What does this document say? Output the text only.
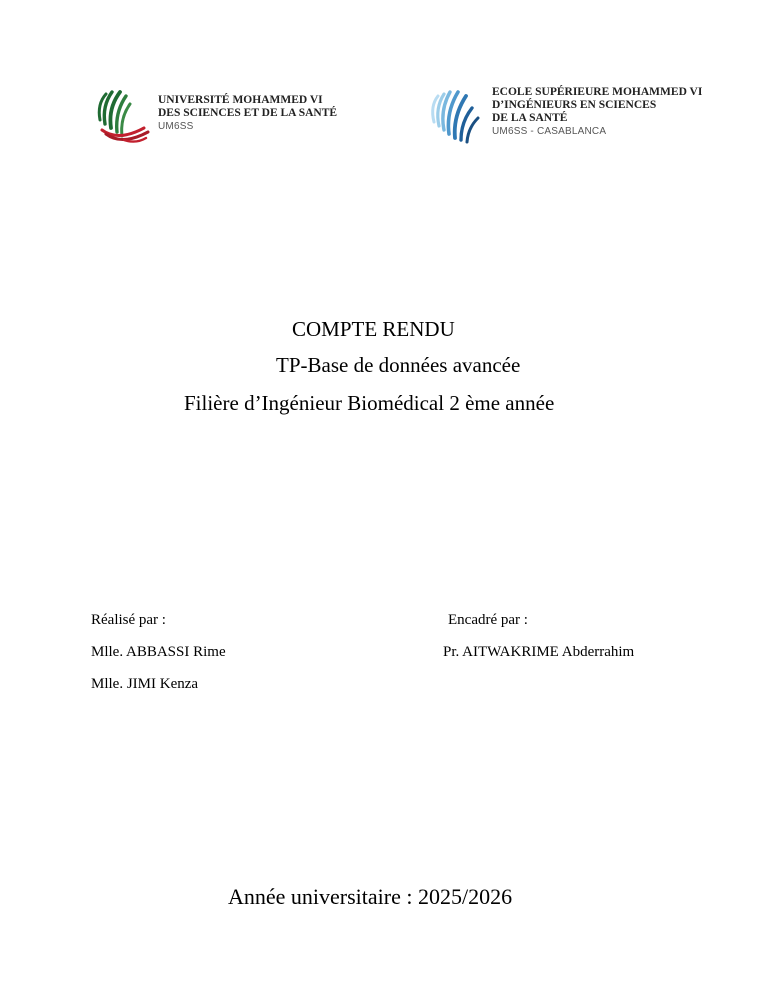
UNIVERSITÉ MOHAMMED VI
DES SCIENCES ET DE LA SANTÉ
UM6SS
ECOLE SUPÉRIEURE MOHAMMED VI
D’INGÉNIEURS EN SCIENCES
DE LA SANTÉ
UM6SS - CASABLANCA
COMPTE RENDU
TP-Base de données avancée
Filière d’Ingénieur Biomédical 2 ème année
Réalisé par :
Mlle. ABBASSI Rime
Mlle. JIMI Kenza
Encadré par :
Pr. AITWAKRIME Abderrahim
Année universitaire : 2025/2026
